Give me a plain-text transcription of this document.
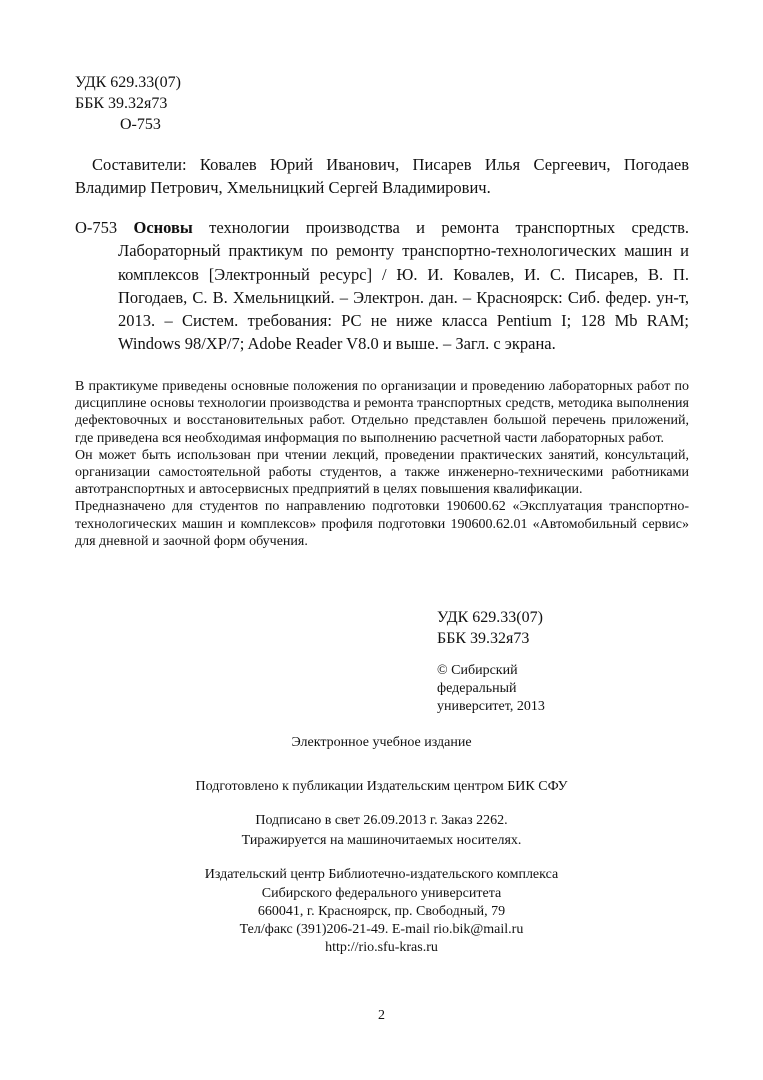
УДК 629.33(07)
ББК 39.32я73
О-753
Составители: Ковалев Юрий Иванович, Писарев Илья Сергеевич, Погодаев Владимир Петрович, Хмельницкий Сергей Владимирович.
О-753 Основы технологии производства и ремонта транспортных средств.
Лабораторный практикум по ремонту транспортно-технологических машин и комплексов [Электронный ресурс] / Ю. И. Ковалев, И. С. Писарев, В. П. Погодаев, С. В. Хмельницкий. – Электрон. дан. – Красноярск: Сиб. федер. ун-т, 2013. – Систем. требования: PC не ниже класса Pentium I; 128 Mb RAM; Windows 98/XP/7; Adobe Reader V8.0 и выше. – Загл. с экрана.

В практикуме приведены основные положения по организации и проведению лабораторных работ по дисциплине основы технологии производства и ремонта транспортных средств, методика выполнения дефектовочных и восстановительных работ. Отдельно представлен большой перечень приложений, где приведена вся необходимая информация по выполнению расчетной части лабораторных работ.

Он может быть использован при чтении лекций, проведении практических занятий, консультаций, организации самостоятельной работы студентов, а также инженерно-техническими работниками автотранспортных и автосервисных предприятий в целях повышения квалификации.

Предназначено для студентов по направлению подготовки 190600.62 «Эксплуатация транспортно-технологических машин и комплексов» профиля подготовки 190600.62.01 «Автомобильный сервис» для дневной и заочной форм обучения.

УДК 629.33(07)
ББК 39.32я73
© Сибирский
федеральный
университет, 2013
Электронное учебное издание
Подготовлено к публикации Издательским центром БИК СФУ
Подписано в свет 26.09.2013 г. Заказ 2262.
Тиражируется на машиночитаемых носителях.
Издательский центр Библиотечно-издательского комплекса
Сибирского федерального университета
660041, г. Красноярск, пр. Свободный, 79
Тел/факс (391)206-21-49. E-mail rio.bik@mail.ru
http://rio.sfu-kras.ru
2
